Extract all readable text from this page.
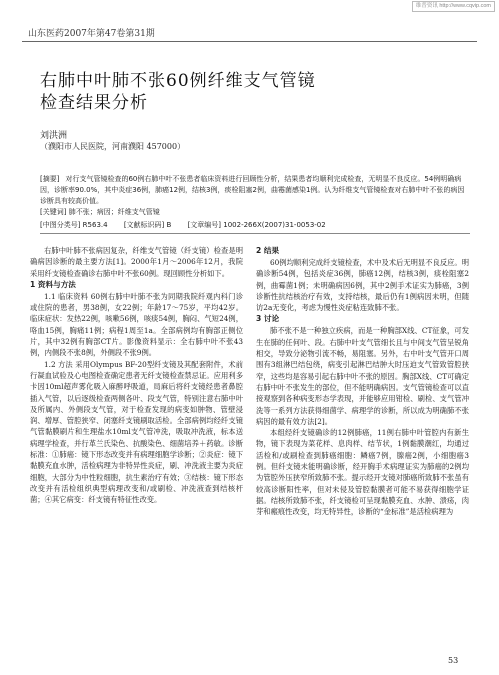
维普资讯 http://www.cqvip.com
山东医药2007年第47卷第31期
右肺中叶肺不张60例纤维支气管镜
检查结果分析
刘洪洲
（濮阳市人民医院，河南濮阳 457000）
[摘要] 对行支气管镜检查的60例右肺中叶不张患者临床资料进行回顾性分析，结果患者均顺利完成检查，无明显不良反应。54例明确病因，诊断率90.0%，其中炎症36例，肺癌12例，结核3例，痰栓阻塞2例，曲霉菌感染1例。认为纤维支气管镜检查对右肺中叶不张的病因诊断具有较高价值。
[关键词] 肺不张；病因；纤维支气管镜
[中图分类号] R563.4 [文献标识码] B [文章编号] 1002-266X(2007)31-0053-02

右肺中叶肺不张病因复杂，纤维支气管镜（纤支镜）检查是明确病因诊断的最主要方法[1]。2000年1月～2006年12月，我院采用纤支镜检查确诊右肺中叶不张60例。现回顾性分析如下。

1 资料与方法

1.1 临床资料 60例右肺中叶肺不张为同期我院纤观内科门诊或住院的患者，男38例，女22例；年龄17～75岁，平均42岁。临床症状：发热22例，咳嗽56例，咳痰54例，胸闷、气短24例，咯血15例，胸痛11例；病程1周至1a。全部病例均有胸部正侧位片，其中32例有胸部CT片。影像资料显示：全右肺中叶不张43例，内侧段不张8例，外侧段不张9例。

1.2 方法 采用Olympus BF-20型纤支镜及其配套附件，术前行凝血试验及心电图检查确定患者无纤支镜检查禁忌证。应用利多卡因10ml超声雾化吸入麻醉呼吸道，局麻后将纤支镜经患者鼻腔插入气管，以后逐级检查两侧各叶、段支气管，特别注意右肺中叶及所属内、外侧段支气管，对于检查发现的病变如肿物、管壁浸润、增厚、管腔狭窄、闭塞纤支镜刷取活检。全部病例均经纤支镜气管黏膜刷片和生理盐水10ml支气管冲洗，吸取冲洗液，标本送病理学检查，并行革兰氏染色、抗酸染色、细菌培养＋药敏。诊断标准：①肺癌：镜下形态改变并有病理细胞学诊断；②炎症：镜下黏膜充血水肿，活检病理为非特异性炎症，刷、冲洗液主要为炎症细胞，大部分为中性粒细胞，抗生素治疗有效；③结核：镜下形态改变并有活检组织典型病理改变和/或刷检、冲洗液查到结核杆菌；④其它病变：纤支镜有特征性改变。

2 结果

60例均顺利完成纤支镜检查，术中及术后无明显不良反应。明确诊断54例，包括炎症36例，肺癌12例，结核3例，痰栓阻塞2例，曲霉菌1例；未明确病因6例，其中2例手术证实为肺癌，3例诊断性抗结核治疗有效，支持结核，最后仍有1例病因未明，但随访2a无变化，考虑为慢性炎症粘连致肺不张。

3 讨论

肺不张不是一种独立疾病，而是一种胸部X线、CT征象，可发生在肺的任何叶、段。右肺中叶支气管细长且与中间支气管呈锐角相交，导致分泌物引流不畅，易阻塞。另外，右中叶支气管开口周围有3组淋巴结包绕，病变引起淋巴结肿大时压迫支气管致管腔狭窄，这些均是容易引起右肺中叶不张的原因。胸部X线、CT可确定右肺中叶不张发生的部位，但不能明确病因。支气管镜检查可以直接观察到各种病变形态学表现，并能够应用钳检、刷检、支气管冲洗等一系列方法获得细菌学、病理学的诊断，所以成为明确肺不张病因的最有效方法[2]。

本组经纤支镜确诊的12例肺癌，11例右肺中叶管腔内有新生物，镜下表现为菜花样、息肉样、结节状，1例黏膜潮红，均通过活检和/或刷检查到肺癌细胞：鳞癌7例，腺癌2例，小细胞癌3例。但纤支镜未能明确诊断，经开胸手术病理证实为肺癌的2例均为管腔外压狭窄所致肺不张。提示经开支镜对肺癌所致肺不张虽有较高诊断阳性率，但对未侵及管腔黏膜者可能不易获得细胞学证据。结核所致肺不张，纤支镜检可呈现黏膜充血、水肿、溃疡，肉芽和瘢痕性改变，均无特异性，诊断的“金标准”是活检病理为

53
